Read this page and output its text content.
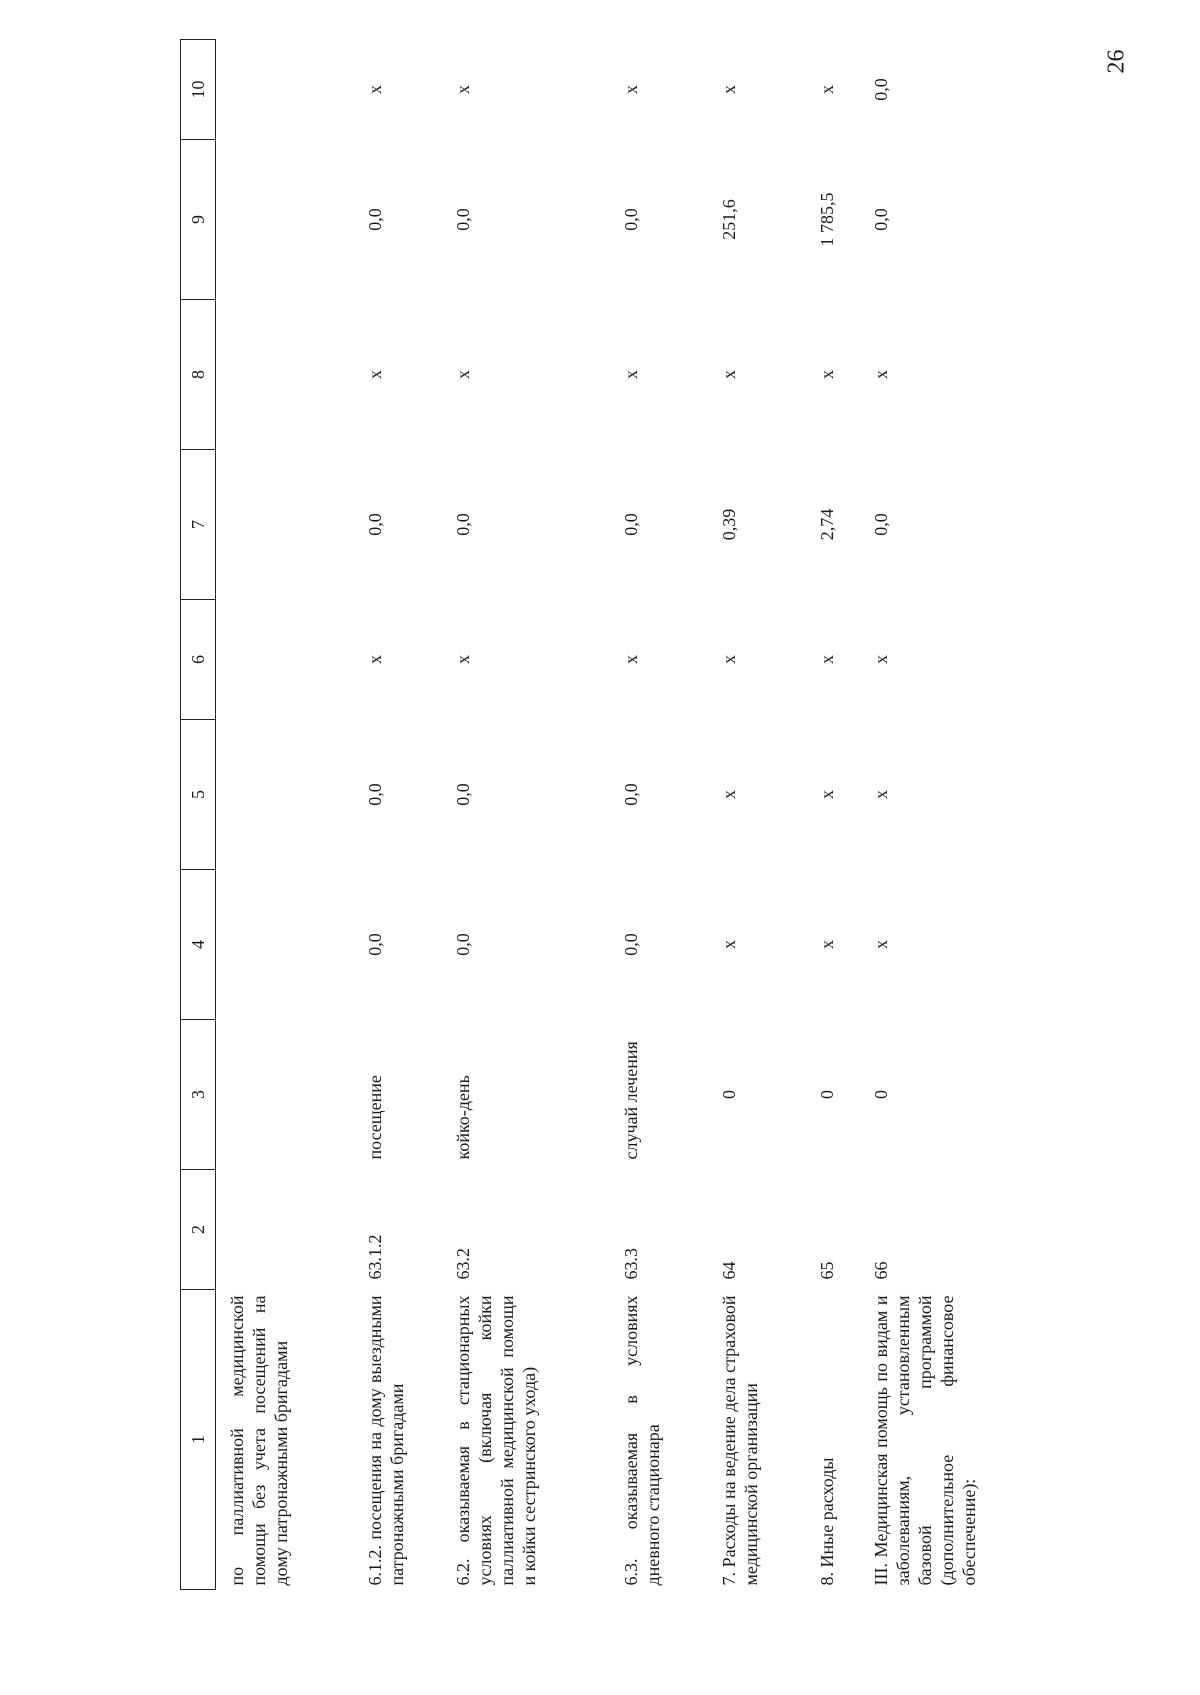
26
1	2	3	4	5	6	7	8	9	10
по паллиативной медицинской помощи без учета посещений на дому патронажными бригадами									
6.1.2. посещения на дому выездными патронажными бригадами	63.1.2	посещение	0,0	0,0	x	0,0	x	0,0	x
6.2. оказываемая в стационарных условиях (включая койки паллиативной медицинской помощи и койки сестринского ухода)	63.2	койко-день	0,0	0,0	x	0,0	x	0,0	x
6.3. оказываемая в условиях дневного стационара	63.3	случай лечения	0,0	0,0	x	0,0	x	0,0	x
7. Расходы на ведение дела страховой медицинской организации	64	0	x	x	x	0,39	x	251,6	x
8. Иные расходы	65	0	x	x	x	2,74	x	1 785,5	x
III. Медицинская помощь по видам и заболеваниям, установленным базовой программой (дополнительное финансовое обеспечение):	66	0	x	x	x	0,0	x	0,0	0,0
